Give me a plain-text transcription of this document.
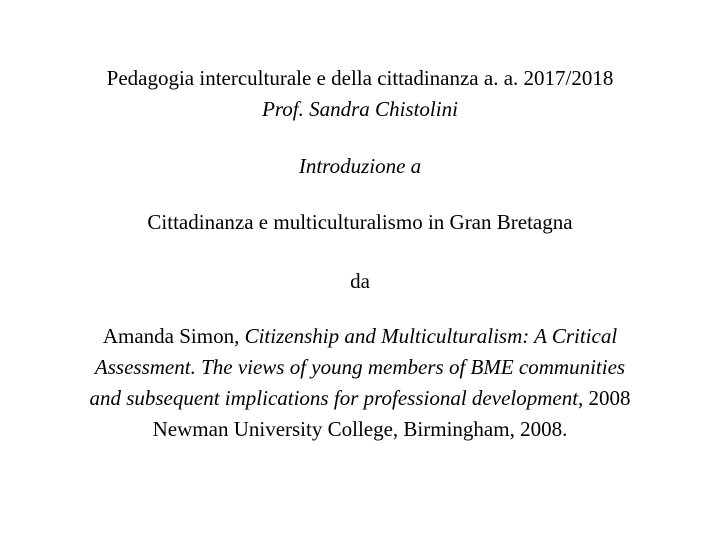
Pedagogia interculturale e della cittadinanza a. a. 2017/2018
Prof. Sandra Chistolini
Introduzione a
Cittadinanza e multiculturalismo in Gran Bretagna
da
Amanda Simon, Citizenship and Multiculturalism: A Critical
Assessment. The views of young members of BME communities
and subsequent implications for professional development, 2008
Newman University College, Birmingham, 2008.
